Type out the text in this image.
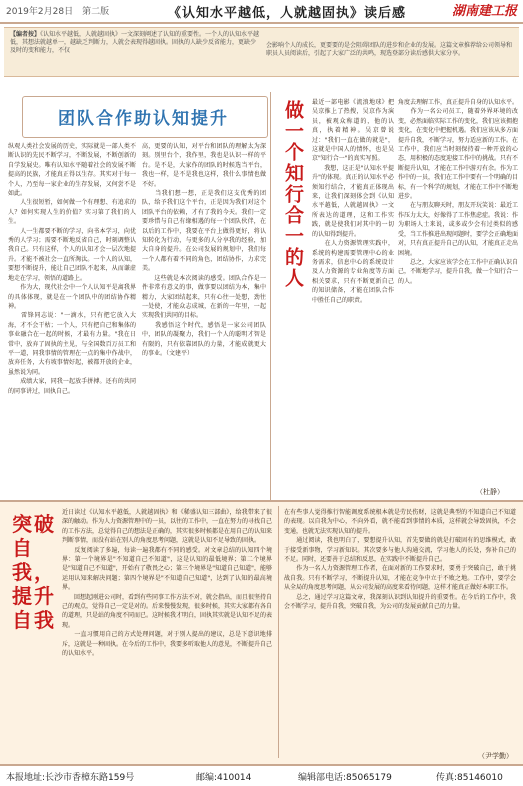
2019年2月28日　第二版	《认知水平越低，人就越固执》读后感	湖南建工报
【编者按】《认知水平越低，人就越固执》一文深刻阐述了认知的重要性。一个人的认知水平越低，其想法就越单一，越缺乏判断力，人就会表现得越固执。固执的人缺少反省能力，更缺少及时的变和能力，不仅
会影响个人的成长，更要要的是会阻碍团队的进步和企业的发展。这篇文章推荐给公司领导和职员人员阅读后，引起了大家广泛的共鸣，现选登部分读后感供大家分享。
团队合作助认知提升
纵观人类社会发展的历史，实际就是一部人类不断认识的先民不断学习，不断发展，不断创新的自学发展史。唯有认知水平随着社会的发展不断提高的民族，才能真正得以生存。其实对于每一个人，乃至每一家企业的生存发展，又何尝不是如此。
　　人生很短暂，如何做一个有理想、有追求的人？如何实现人生的价值？实习第了我们的人生。
　　人一生都要不断的学习，向书本学习，向优秀的人学习；需要不断地反省自己，时刻调整认我自己。只有这样，个人的认知才会一层次地提升。才能不被社会一直所淘汰。一个人的认知，要想不断提升，能让自己团队不起来，从而谦虚地走在学习，领悟的道路上。
　　作为大，现代社会中一个人认知平是离我界的具体体现，就是在一个团队中的团结协作精神。
　　雷锋同志说："一滴水，只有把它放入大海，才不会干枯；一个人，只有把自己和集体的事业融合在一起的时候，才最有力量。"我在日常中，放弃了固执的主见，与全国数百万员工和平一道，同我事情的管理在一点的集中作战中，放弃任务，大有坡事情好起，被都开放的企业，虽然说为同。
　　成绩大家，同我一起放手拼搏。还有的共同的同事讲过，固执自己。
高，更要的认知，对平台和团队的理解太为深刻。别里台个，我作里，我也是认识一样的平台。是不是，大家作的团队的时候选当平台，我也一样，是不是我也这样，我什么事情也做不好。
　　当我们想一想，正是我们这支优秀的团队，给予我们这个平台，正是因为我们对这个团队平台的依赖，才有了我的今天。我们一定要珍惜与自己有缘相遇的每一个团队伙伴，在以后的工作中，我要在平台上做得更好，将认知转化为行动，与更多的人分享我的经验，加大自身的提升。在公司发展的规划中，我们每一个人都有着不同的角色，团结协作，力求完美。
　　这些就是本次阅读的感受。团队合作是一件非常有意义的事，做事要以团结为本，集中精力，大家团结起来，只有心往一处想，劲往一处使，才能众志成城，在新的一年里，一起实现我们共同的目标。
　　我感悟这个时代，感悟是一家公司团队中，团队的凝聚力，我们一个人的聪明才智是有限的，只有依靠团队的力量，才能成就更大的事业。（文建平）
做一个知行合一的人	最近一部电影《流浪地球》把吴京推上了热搜，吴京作为演员，被观众称道的，他的认真，执着精神。吴京曾说过："我们一直在做的就是"，这就是中国人的情怀，也是吴京"知行合一"的真实写照。
　　我想，这正是"认知水平提升"的体现。真正的认知水平必须知行结合，才能真正体现出来，让我们深刻体会到《认知水平越低，人就越固执》一文所表达的道理，这和工作实践，就是使我们对其中的一切的认知得到提升。
　　在人力资源管理实践中，系统的构建需要管理中心的业务需求，信息中心的系统设计及人力资源的专业角度等方面相关要求，只有不断更新自己的知识储备，才能在团队合作中胜任自己的职责。
角度去理解工作，真正提升自身的认知水平。
　　作为一名公司员工，随着外界环境的改变，必然面临实际工作的变化，我们应该拥抱变化，在变化中把握机遇。我们应该从多方面提升自我，不断学习，努力适应新的工作。在工作中，我们应当时刻保持着一种开放的心态，用积极的态度迎接工作中的挑战。只有不断提升认知，才能在工作中游刃有余。作为工作中的一员，我们在工作中要有一个明确的目标，有一个科学的规划，才能在工作中不断地进步。
　　在与朋友聊天时，朋友开玩笑说：最近工作压力太大，好像得了工作焦虑症。我说：作为职场人士来说，或多或少会有过类似的感受，当工作推进出现问题时，要学会正确地面对，只有真正提升自己的认知，才能真正走出困境。
　　总之，大家应该学会在工作中正确认识自己，不断地学习，提升自我，做一个知行合一的人。
（杜静）
突破自我，提升自我
近日读过《认知水平越低，人就越固执》和《稀盛认知三部曲》，给我带来了很深的触动。作为人力资源管理中的一员，以往的工作中，一直在努力的寻找自己的工作方法，总觉得自己的想法是正确的，其实很多时候都是在用自己的认知来判断事情，而没有站在别人的角度思考问题，这就是认知不足导致的固执。
　　反复阅读了多遍，每读一遍我都有不同的感受。对文章总结的认知四个境界：第一个境界是"不知道自己不知道"，这是认知的最低境界；第二个境界是"知道自己不知道"，开始有了敬畏之心；第三个境界是"知道自己知道"，能够运用认知来解决问题；第四个境界是"不知道自己知道"，达到了认知的最高境界。
　　回想起刚进公司时，看到有些同事工作方法不对，就会指出，而且很坚持自己的观点，觉得自己一定是对的。后来慢慢发现，很多时候，其实大家都有各自的道理，只是站的角度不同而已。这时候我才明白，固执其实就是认知不足的表现。
　　一直习惯用自己的方式处理问题，对于别人提出的建议，总是下意识地排斥，这就是一种固执。在今后的工作中，我要多听取他人的意见，不断提升自己的认知水平。
在有些事人觉得推行智能调度系统根本就是劳民伤财，这就是典型的不知道自己不知道的表现。以自我为中心，不向外看，就不能看到事情的本质，这样就会导致固执，不会变通，也就无法实现认知的提升。
　　通过阅读，我也明白了，要想提升认知，首先要做的就是打破固有的思维模式，敢于接受新事物，学习新知识。其次要多与他人沟通交流，学习他人的长处，弥补自己的不足。同时，还要善于总结和反思，在实践中不断提升自己。
　　作为一名人力资源管理工作者，在面对新的工作要求时，要勇于突破自己，敢于挑战自我。只有不断学习，不断提升认知，才能在竞争中立于不败之地。工作中，要学会从全局的角度思考问题，从公司发展的高度来看待问题，这样才能真正做好本职工作。
　　总之，通过学习这篇文章，我深刻认识到认知提升的重要性。在今后的工作中，我会不断学习，提升自我，突破自我，为公司的发展贡献自己的力量。
（尹学勤）
本报地址:长沙市香樟东路159号	邮编:410014	编辑部电话:85065179	传真:85146010
